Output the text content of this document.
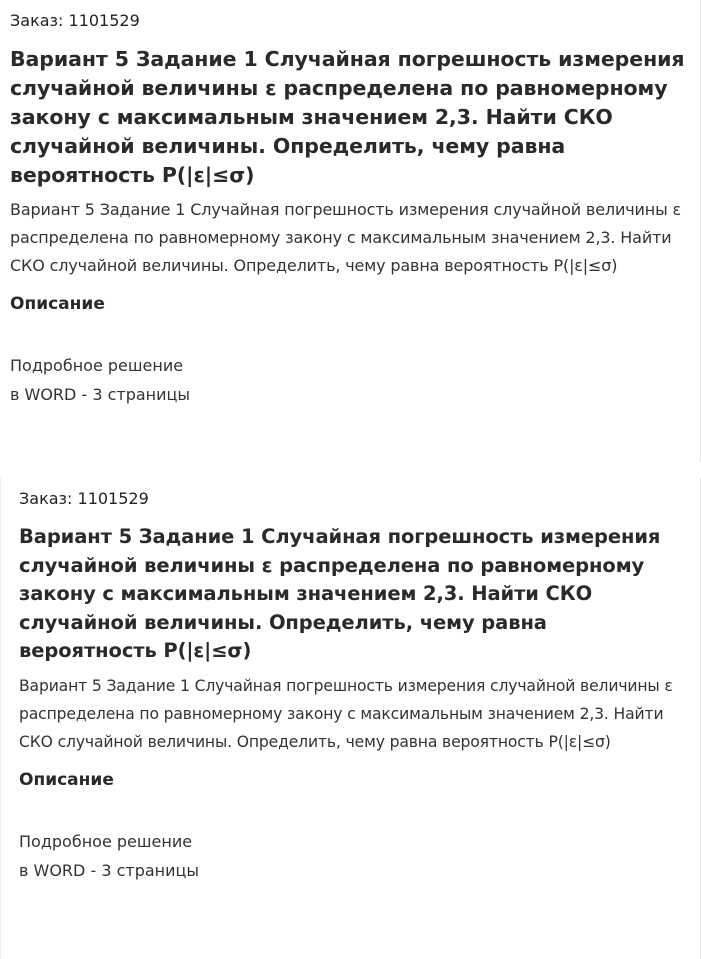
Заказ: 1101529
Вариант 5 Задание 1 Случайная погрешность измерения случайной величины ε распределена по равномерному закону с максимальным значением 2,3. Найти СКО случайной величины. Определить, чему равна вероятность P(|ε|≤σ)

Вариант 5 Задание 1 Случайная погрешность измерения случайной величины ε распределена по равномерному закону с максимальным значением 2,3. Найти СКО случайной величины. Определить, чему равна вероятность P(|ε|≤σ)

Описание
Подробное решение
в WORD - 3 страницы
Заказ: 1101529
Вариант 5 Задание 1 Случайная погрешность измерения случайной величины ε распределена по равномерному закону с максимальным значением 2,3. Найти СКО случайной величины. Определить, чему равна вероятность P(|ε|≤σ)

Вариант 5 Задание 1 Случайная погрешность измерения случайной величины ε распределена по равномерному закону с максимальным значением 2,3. Найти СКО случайной величины. Определить, чему равна вероятность P(|ε|≤σ)

Описание
Подробное решение
в WORD - 3 страницы
